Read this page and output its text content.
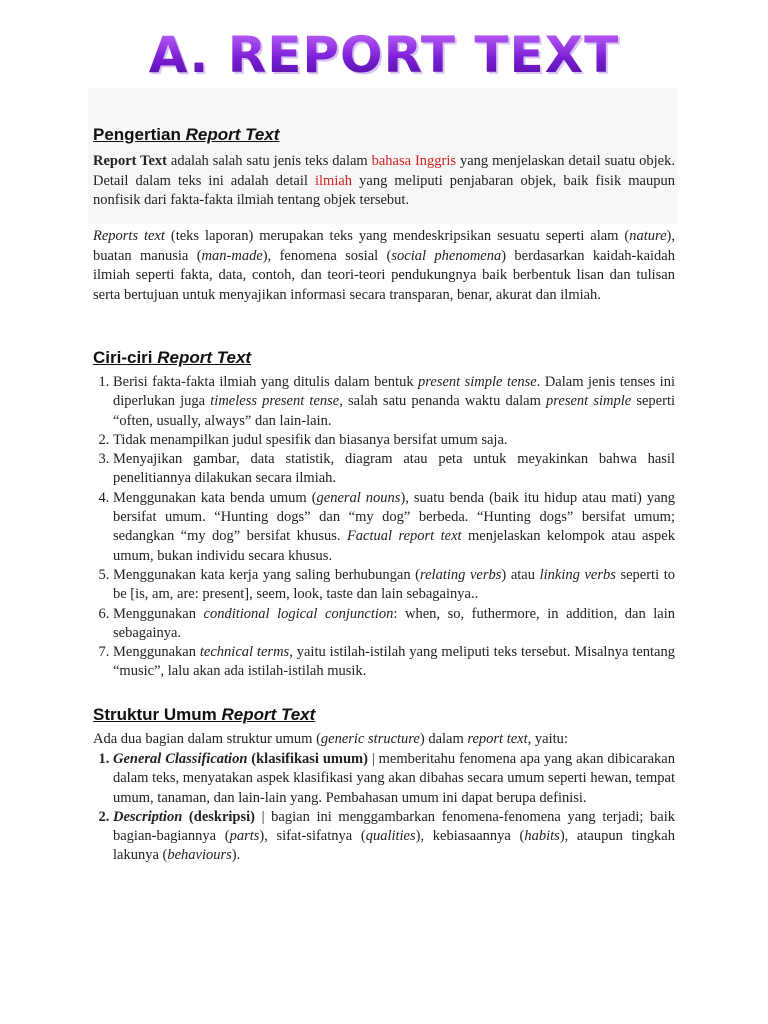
A. REPORT TEXT
Pengertian Report Text

Report Text adalah salah satu jenis teks dalam bahasa Inggris yang menjelaskan detail suatu objek. Detail dalam teks ini adalah detail ilmiah yang meliputi penjabaran objek, baik fisik maupun nonfisik dari fakta-fakta ilmiah tentang objek tersebut.

Reports text (teks laporan) merupakan teks yang mendeskripsikan sesuatu seperti alam (nature), buatan manusia (man-made), fenomena sosial (social phenomena) berdasarkan kaidah-kaidah ilmiah seperti fakta, data, contoh, dan teori-teori pendukungnya baik berbentuk lisan dan tulisan serta bertujuan untuk menyajikan informasi secara transparan, benar, akurat dan ilmiah.

Ciri-ciri Report Text
1. Berisi fakta-fakta ilmiah yang ditulis dalam bentuk present simple tense. Dalam jenis tenses ini diperlukan juga timeless present tense, salah satu penanda waktu dalam present simple seperti “often, usually, always” dan lain-lain.
2. Tidak menampilkan judul spesifik dan biasanya bersifat umum saja.
3. Menyajikan gambar, data statistik, diagram atau peta untuk meyakinkan bahwa hasil penelitiannya dilakukan secara ilmiah.
4. Menggunakan kata benda umum (general nouns), suatu benda (baik itu hidup atau mati) yang bersifat umum. “Hunting dogs” dan “my dog” berbeda. “Hunting dogs” bersifat umum; sedangkan “my dog” bersifat khusus. Factual report text menjelaskan kelompok atau aspek umum, bukan individu secara khusus.
5. Menggunakan kata kerja yang saling berhubungan (relating verbs) atau linking verbs seperti to be [is, am, are: present], seem, look, taste dan lain sebagainya..
6. Menggunakan conditional logical conjunction: when, so, futhermore, in addition, dan lain sebagainya.
7. Menggunakan technical terms, yaitu istilah-istilah yang meliputi teks tersebut. Misalnya tentang “music”, lalu akan ada istilah-istilah musik.
Struktur Umum Report Text

Ada dua bagian dalam struktur umum (generic structure) dalam report text, yaitu:

1. General Classification (klasifikasi umum) | memberitahu fenomena apa yang akan dibicarakan dalam teks, menyatakan aspek klasifikasi yang akan dibahas secara umum seperti hewan, tempat umum, tanaman, dan lain-lain yang. Pembahasan umum ini dapat berupa definisi.
2. Description (deskripsi) | bagian ini menggambarkan fenomena-fenomena yang terjadi; baik bagian-bagiannya (parts), sifat-sifatnya (qualities), kebiasaannya (habits), ataupun tingkah lakunya (behaviours).
